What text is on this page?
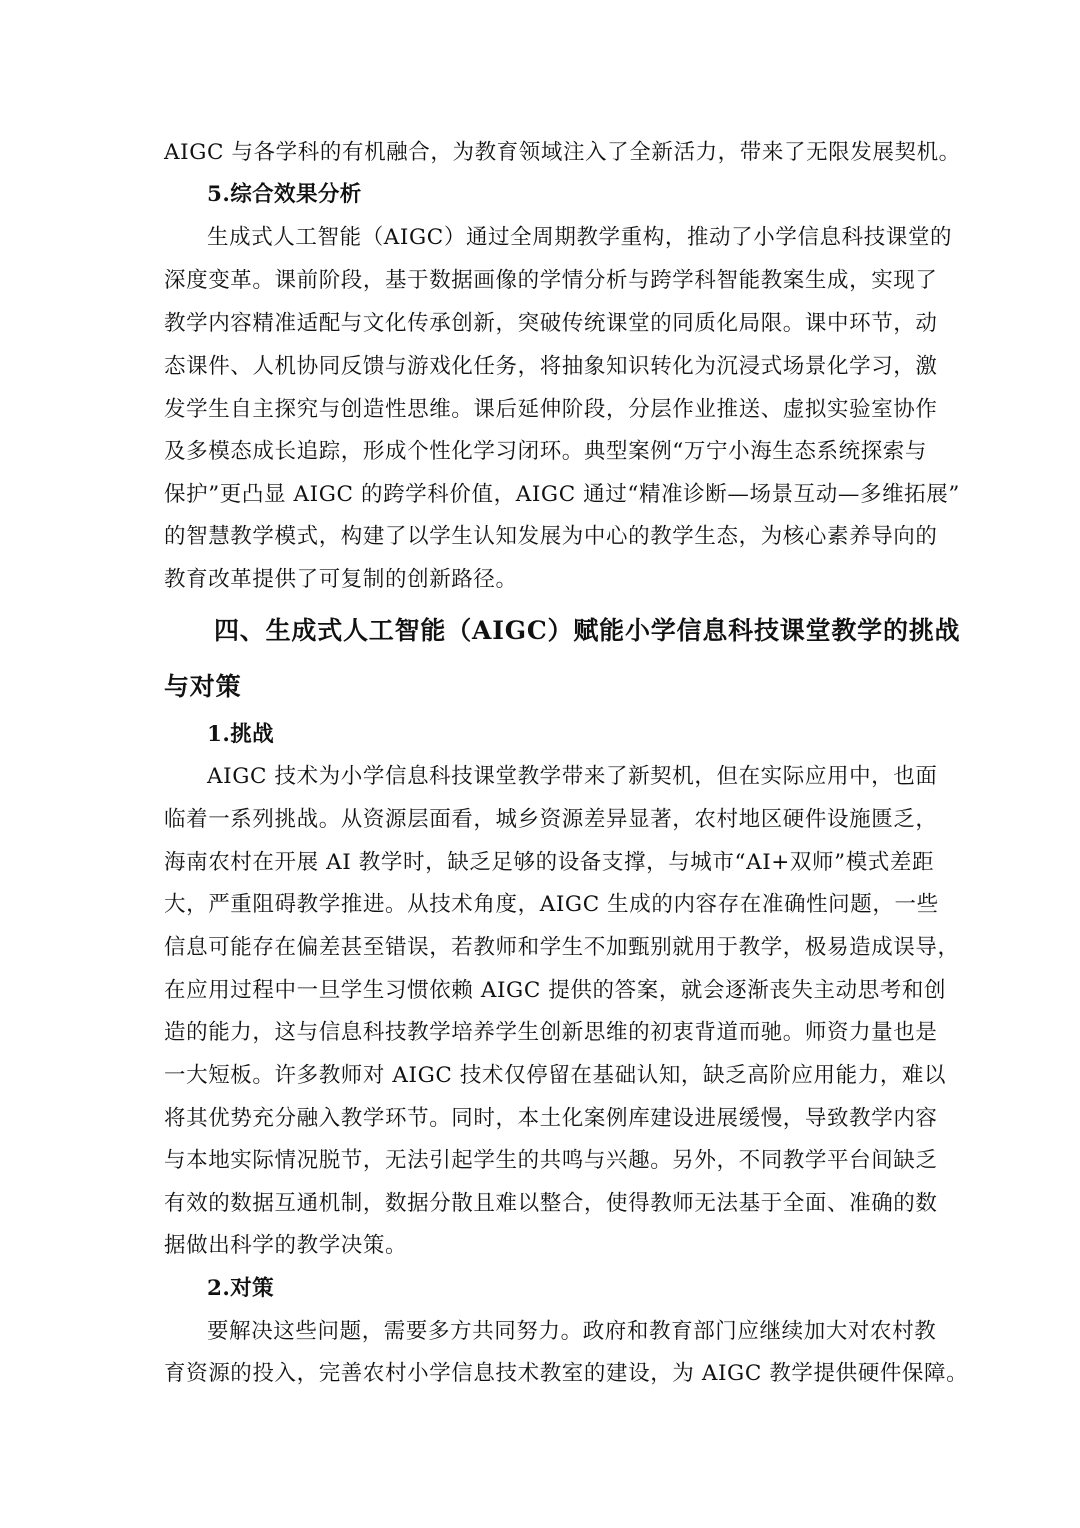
AIGC 与各学科的有机融合，为教育领域注入了全新活力，带来了无限发展契机。
5.综合效果分析
生成式人工智能（AIGC）通过全周期教学重构，推动了小学信息科技课堂的
深度变革。课前阶段，基于数据画像的学情分析与跨学科智能教案生成，实现了
教学内容精准适配与文化传承创新，突破传统课堂的同质化局限。课中环节，动
态课件、人机协同反馈与游戏化任务，将抽象知识转化为沉浸式场景化学习，激
发学生自主探究与创造性思维。课后延伸阶段，分层作业推送、虚拟实验室协作
及多模态成长追踪，形成个性化学习闭环。典型案例“万宁小海生态系统探索与
保护”更凸显 AIGC 的跨学科价值，AIGC 通过“精准诊断—场景互动—多维拓展”
的智慧教学模式，构建了以学生认知发展为中心的教学生态，为核心素养导向的
教育改革提供了可复制的创新路径。
四、生成式人工智能（AIGC）赋能小学信息科技课堂教学的挑战
与对策
1.挑战
AIGC 技术为小学信息科技课堂教学带来了新契机，但在实际应用中，也面
临着一系列挑战。从资源层面看，城乡资源差异显著，农村地区硬件设施匮乏，
海南农村在开展 AI 教学时，缺乏足够的设备支撑，与城市“AI+双师”模式差距
大，严重阻碍教学推进。从技术角度，AIGC 生成的内容存在准确性问题，一些
信息可能存在偏差甚至错误，若教师和学生不加甄别就用于教学，极易造成误导，
在应用过程中一旦学生习惯依赖 AIGC 提供的答案，就会逐渐丧失主动思考和创
造的能力，这与信息科技教学培养学生创新思维的初衷背道而驰。师资力量也是
一大短板。许多教师对 AIGC 技术仅停留在基础认知，缺乏高阶应用能力，难以
将其优势充分融入教学环节。同时，本土化案例库建设进展缓慢，导致教学内容
与本地实际情况脱节，无法引起学生的共鸣与兴趣。另外，不同教学平台间缺乏
有效的数据互通机制，数据分散且难以整合，使得教师无法基于全面、准确的数
据做出科学的教学决策。
2.对策
要解决这些问题，需要多方共同努力。政府和教育部门应继续加大对农村教
育资源的投入，完善农村小学信息技术教室的建设，为 AIGC 教学提供硬件保障。
